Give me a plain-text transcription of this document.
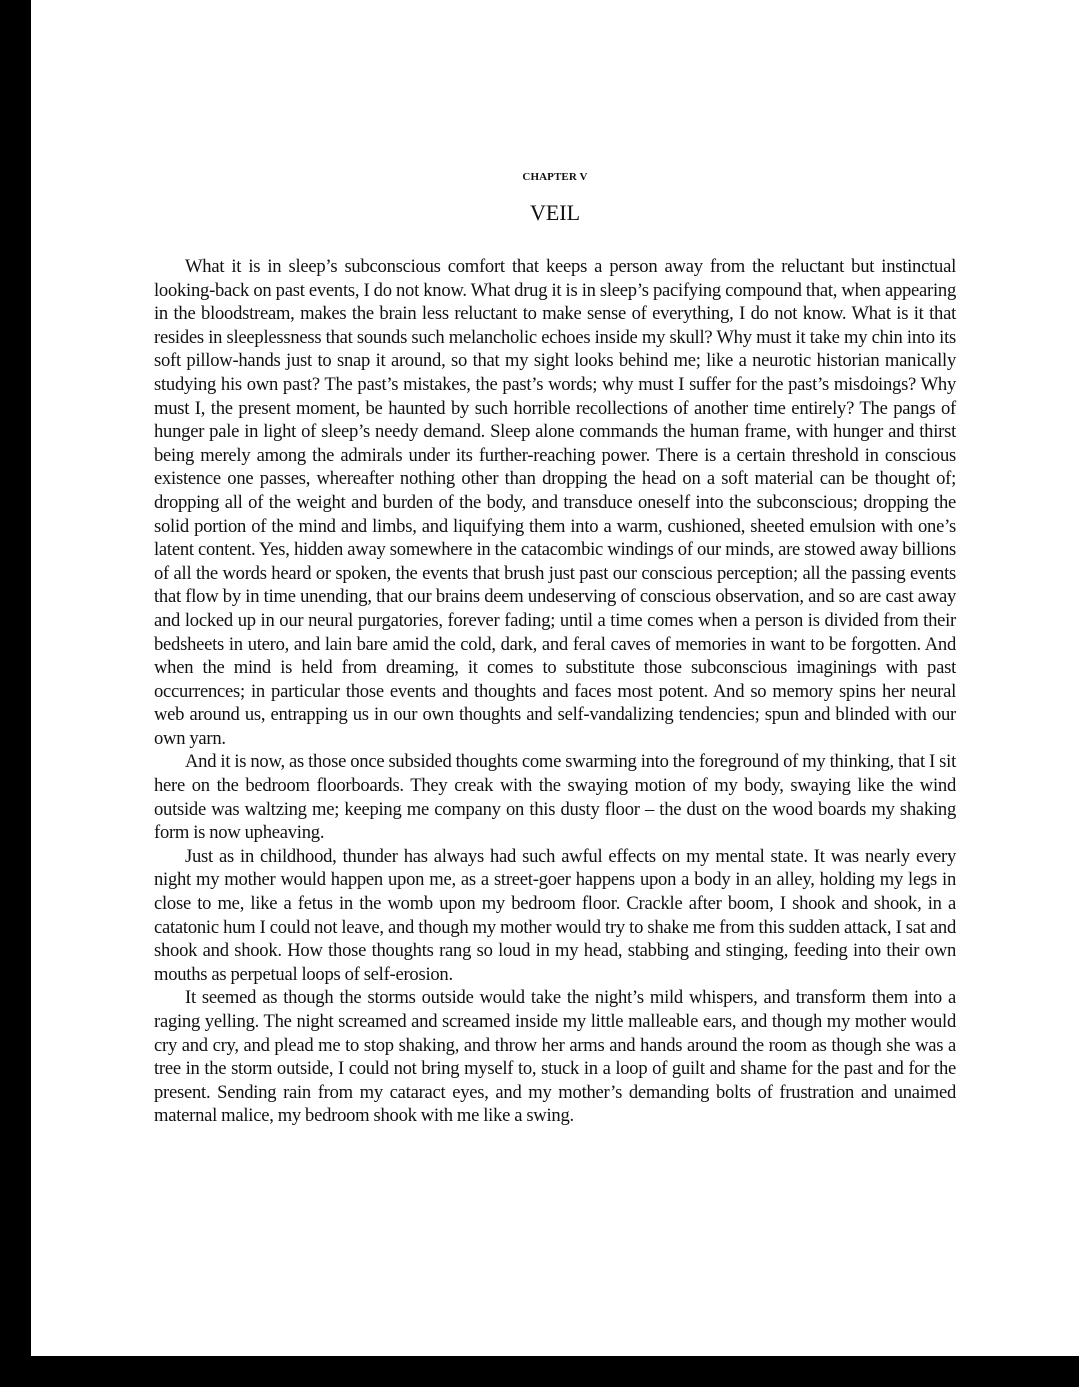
CHAPTER V
VEIL

What it is in sleep’s subconscious comfort that keeps a person away from the reluctant but instinctual looking-back on past events, I do not know. What drug it is in sleep’s pacifying compound that, when appearing in the bloodstream, makes the brain less reluctant to make sense of everything, I do not know. What is it that resides in sleeplessness that sounds such melancholic echoes inside my skull? Why must it take my chin into its soft pillow-hands just to snap it around, so that my sight looks behind me; like a neurotic historian manically studying his own past? The past’s mistakes, the past’s words; why must I suffer for the past’s misdoings? Why must I, the present moment, be haunted by such horrible recollections of another time entirely? The pangs of hunger pale in light of sleep’s needy demand. Sleep alone commands the human frame, with hunger and thirst being merely among the admirals under its further-reaching power. There is a certain threshold in conscious existence one passes, whereafter nothing other than dropping the head on a soft material can be thought of; dropping all of the weight and burden of the body, and transduce oneself into the subconscious; dropping the solid portion of the mind and limbs, and liquifying them into a warm, cushioned, sheeted emulsion with one’s latent content. Yes, hidden away somewhere in the catacombic windings of our minds, are stowed away billions of all the words heard or spoken, the events that brush just past our conscious perception; all the passing events that flow by in time unending, that our brains deem undeserving of conscious observation, and so are cast away and locked up in our neural purgatories, forever fading; until a time comes when a person is divided from their bedsheets in utero, and lain bare amid the cold, dark, and feral caves of memories in want to be forgotten. And when the mind is held from dreaming, it comes to substitute those subconscious imaginings with past occurrences; in particular those events and thoughts and faces most potent. And so memory spins her neural web around us, entrapping us in our own thoughts and self-vandalizing tendencies; spun and blinded with our own yarn.

And it is now, as those once subsided thoughts come swarming into the foreground of my thinking, that I sit here on the bedroom floorboards. They creak with the swaying motion of my body, swaying like the wind outside was waltzing me; keeping me company on this dusty floor – the dust on the wood boards my shaking form is now upheaving.

Just as in childhood, thunder has always had such awful effects on my mental state. It was nearly every night my mother would happen upon me, as a street-goer happens upon a body in an alley, holding my legs in close to me, like a fetus in the womb upon my bedroom floor. Crackle after boom, I shook and shook, in a catatonic hum I could not leave, and though my mother would try to shake me from this sudden attack, I sat and shook and shook. How those thoughts rang so loud in my head, stabbing and stinging, feeding into their own mouths as perpetual loops of self-erosion.

It seemed as though the storms outside would take the night’s mild whispers, and transform them into a raging yelling. The night screamed and screamed inside my little malleable ears, and though my mother would cry and cry, and plead me to stop shaking, and throw her arms and hands around the room as though she was a tree in the storm outside, I could not bring myself to, stuck in a loop of guilt and shame for the past and for the present. Sending rain from my cataract eyes, and my mother’s demanding bolts of frustration and unaimed maternal malice, my bedroom shook with me like a swing.
